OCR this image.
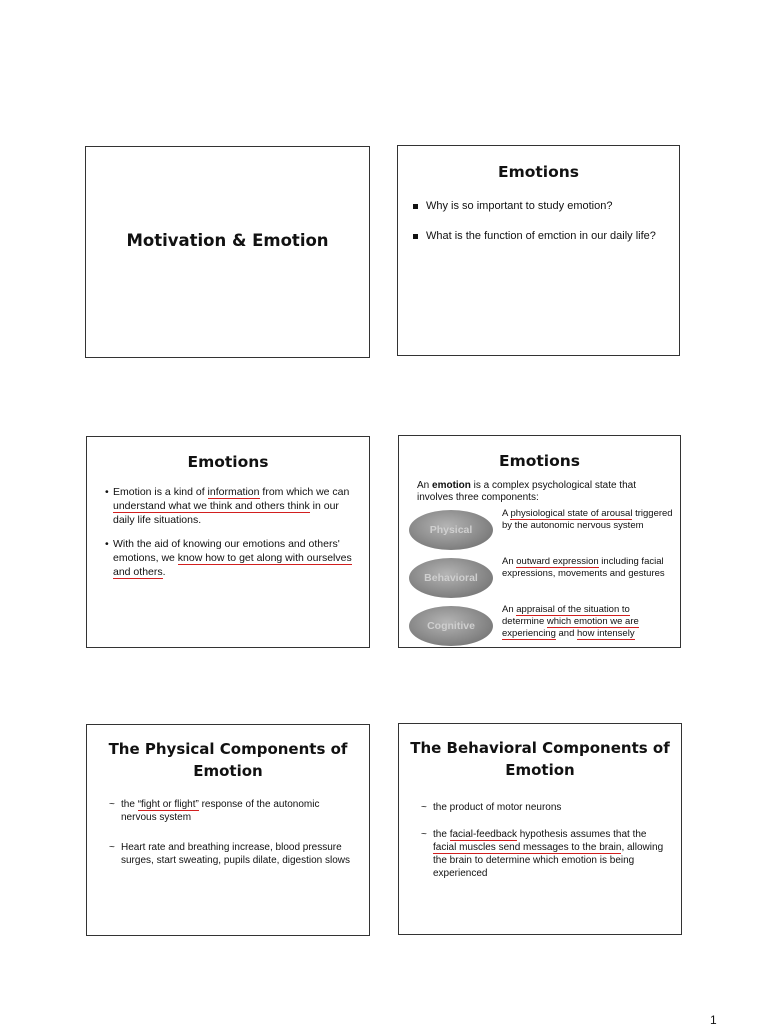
Motivation & Emotion
Emotions
Why is so important to study emotion?
What is the function of emction in our daily life?
Emotions
• Emotion is a kind of information from which we can understand what we think and others think in our daily life situations.
• With the aid of knowing our emotions and others' emotions, we know how to get along with ourselves and others.
Emotions
An emotion is a complex psychological state that involves three components:
Physical
A physiological state of arousal triggered by the autonomic nervous system
Behavioral
An outward expression including facial expressions, movements and gestures
Cognitive
An appraisal of the situation to determine which emotion we are experiencing and how intensely
The Physical Components of Emotion
~ the “fight or flight” response of the autonomic nervous system
~ Heart rate and breathing increase, blood pressure surges, start sweating, pupils dilate, digestion slows
The Behavioral Components of Emotion
~ the product of motor neurons
~ the facial-feedback hypothesis assumes that the facial muscles send messages to the brain, allowing the brain to determine which emotion is being experienced
1
